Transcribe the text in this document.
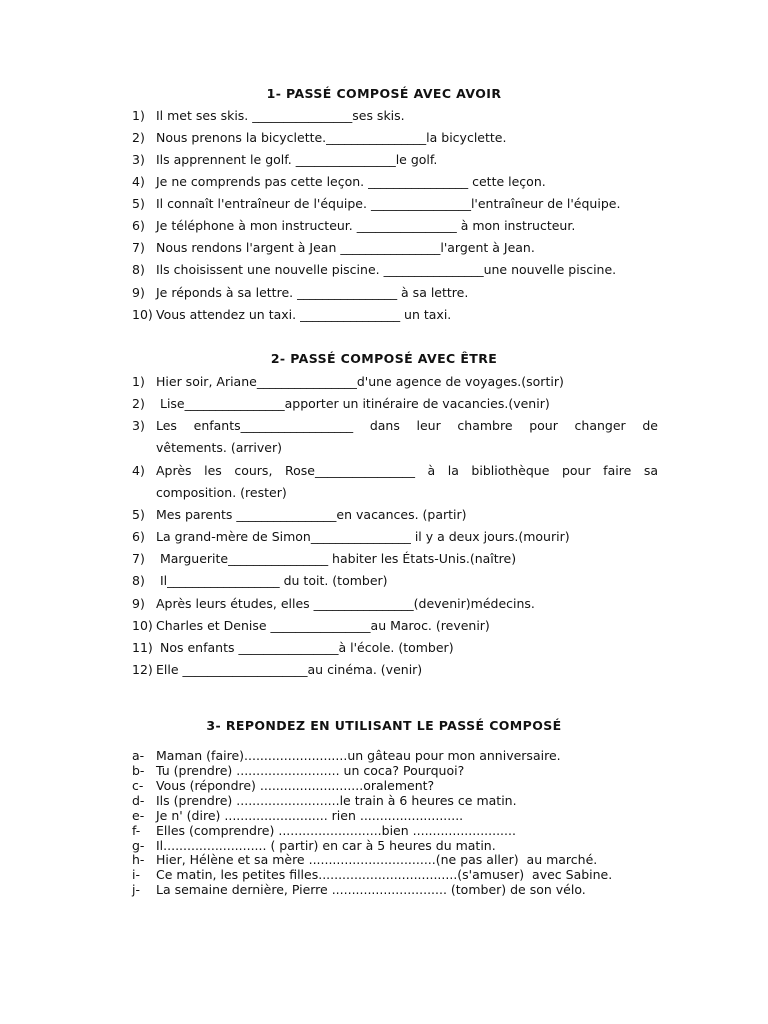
1- PASSÉ COMPOSÉ AVEC AVOIR
1) Il met ses skis. ________________ses skis.
2) Nous prenons la bicyclette.________________la bicyclette.
3) Ils apprennent le golf. ________________le golf.
4) Je ne comprends pas cette leçon. ________________ cette leçon.
5) Il connaît l'entraîneur de l'équipe. ________________l'entraîneur de l'équipe.
6) Je téléphone à mon instructeur. ________________ à mon instructeur.
7) Nous rendons l'argent à Jean ________________l'argent à Jean.
8) Ils choisissent une nouvelle piscine. ________________une nouvelle piscine.
9) Je réponds à sa lettre. ________________ à sa lettre.
10) Vous attendez un taxi. ________________ un taxi.
2- PASSÉ COMPOSÉ AVEC ÊTRE
1) Hier soir, Ariane________________d'une agence de voyages.(sortir)
2) Lise________________apporter un itinéraire de vacancies.(venir)
3) Les enfants__________________ dans leur chambre pour changer de
vêtements. (arriver)
4) Après les cours, Rose________________ à la bibliothèque pour faire sa
composition. (rester)
5) Mes parents ________________en vacances. (partir)
6) La grand-mère de Simon________________ il y a deux jours.(mourir)
7) Marguerite________________ habiter les États-Unis.(naître)
8) Il__________________ du toit. (tomber)
9) Après leurs études, elles ________________(devenir)médecins.
10) Charles et Denise ________________au Maroc. (revenir)
11) Nos enfants ________________à l'école. (tomber)
12) Elle ____________________au cinéma. (venir)
3- REPONDEZ EN UTILISANT LE PASSÉ COMPOSÉ
a- Maman (faire)..........................un gâteau pour mon anniversaire.
b- Tu (prendre) .......................... un coca? Pourquoi?
c- Vous (répondre) ..........................oralement?
d- Ils (prendre) ..........................le train à 6 heures ce matin.
e- Je n' (dire) .......................... rien ..........................
f- Elles (comprendre) ..........................bien ..........................
g- Il.......................... ( partir) en car à 5 heures du matin.
h- Hier, Hélène et sa mère ................................(ne pas aller)  au marché.
i- Ce matin, les petites filles...................................(s'amuser)  avec Sabine.
j- La semaine dernière, Pierre ............................. (tomber) de son vélo.
